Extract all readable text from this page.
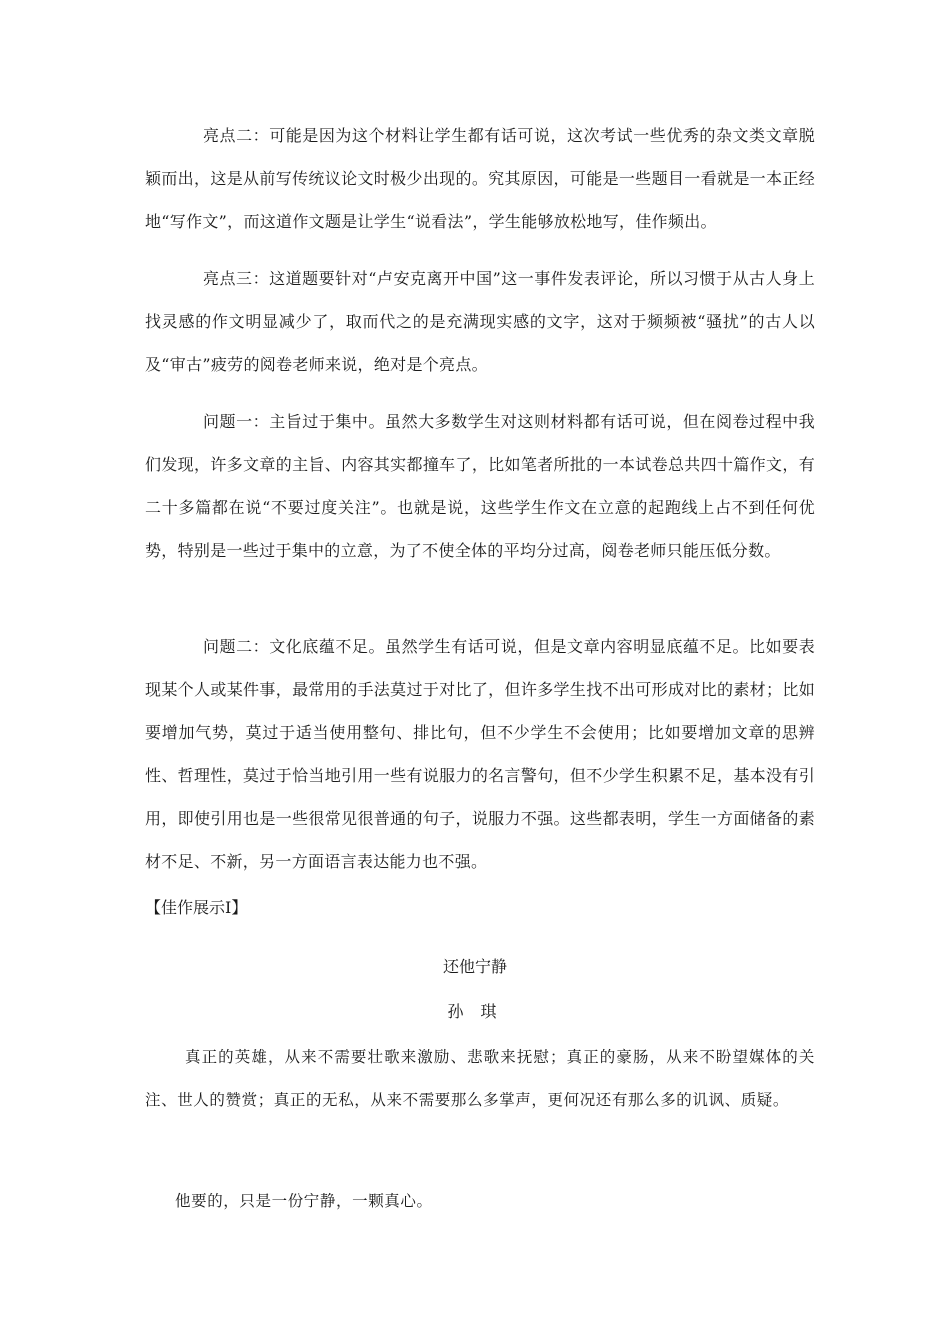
亮点二：可能是因为这个材料让学生都有话可说，这次考试一些优秀的杂文类文章脱颖而出，这是从前写传统议论文时极少出现的。究其原因，可能是一些题目一看就是一本正经地“写作文”，而这道作文题是让学生“说看法”，学生能够放松地写，佳作频出。

亮点三：这道题要针对“卢安克离开中国”这一事件发表评论，所以习惯于从古人身上找灵感的作文明显减少了，取而代之的是充满现实感的文字，这对于频频被“骚扰”的古人以及“审古”疲劳的阅卷老师来说，绝对是个亮点。

问题一：主旨过于集中。虽然大多数学生对这则材料都有话可说，但在阅卷过程中我们发现，许多文章的主旨、内容其实都撞车了，比如笔者所批的一本试卷总共四十篇作文，有二十多篇都在说“不要过度关注”。也就是说，这些学生作文在立意的起跑线上占不到任何优势，特别是一些过于集中的立意，为了不使全体的平均分过高，阅卷老师只能压低分数。

问题二：文化底蕴不足。虽然学生有话可说，但是文章内容明显底蕴不足。比如要表现某个人或某件事，最常用的手法莫过于对比了，但许多学生找不出可形成对比的素材；比如要增加气势，莫过于适当使用整句、排比句，但不少学生不会使用；比如要增加文章的思辨性、哲理性，莫过于恰当地引用一些有说服力的名言警句，但不少学生积累不足，基本没有引用，即使引用也是一些很常见很普通的句子，说服力不强。这些都表明，学生一方面储备的素材不足、不新，另一方面语言表达能力也不强。

【佳作展示Ⅰ】

还他宁静

孙 琪

真正的英雄，从来不需要壮歌来激励、悲歌来抚慰；真正的豪肠，从来不盼望媒体的关注、世人的赞赏；真正的无私，从来不需要那么多掌声，更何况还有那么多的讥讽、质疑。

他要的，只是一份宁静，一颗真心。
